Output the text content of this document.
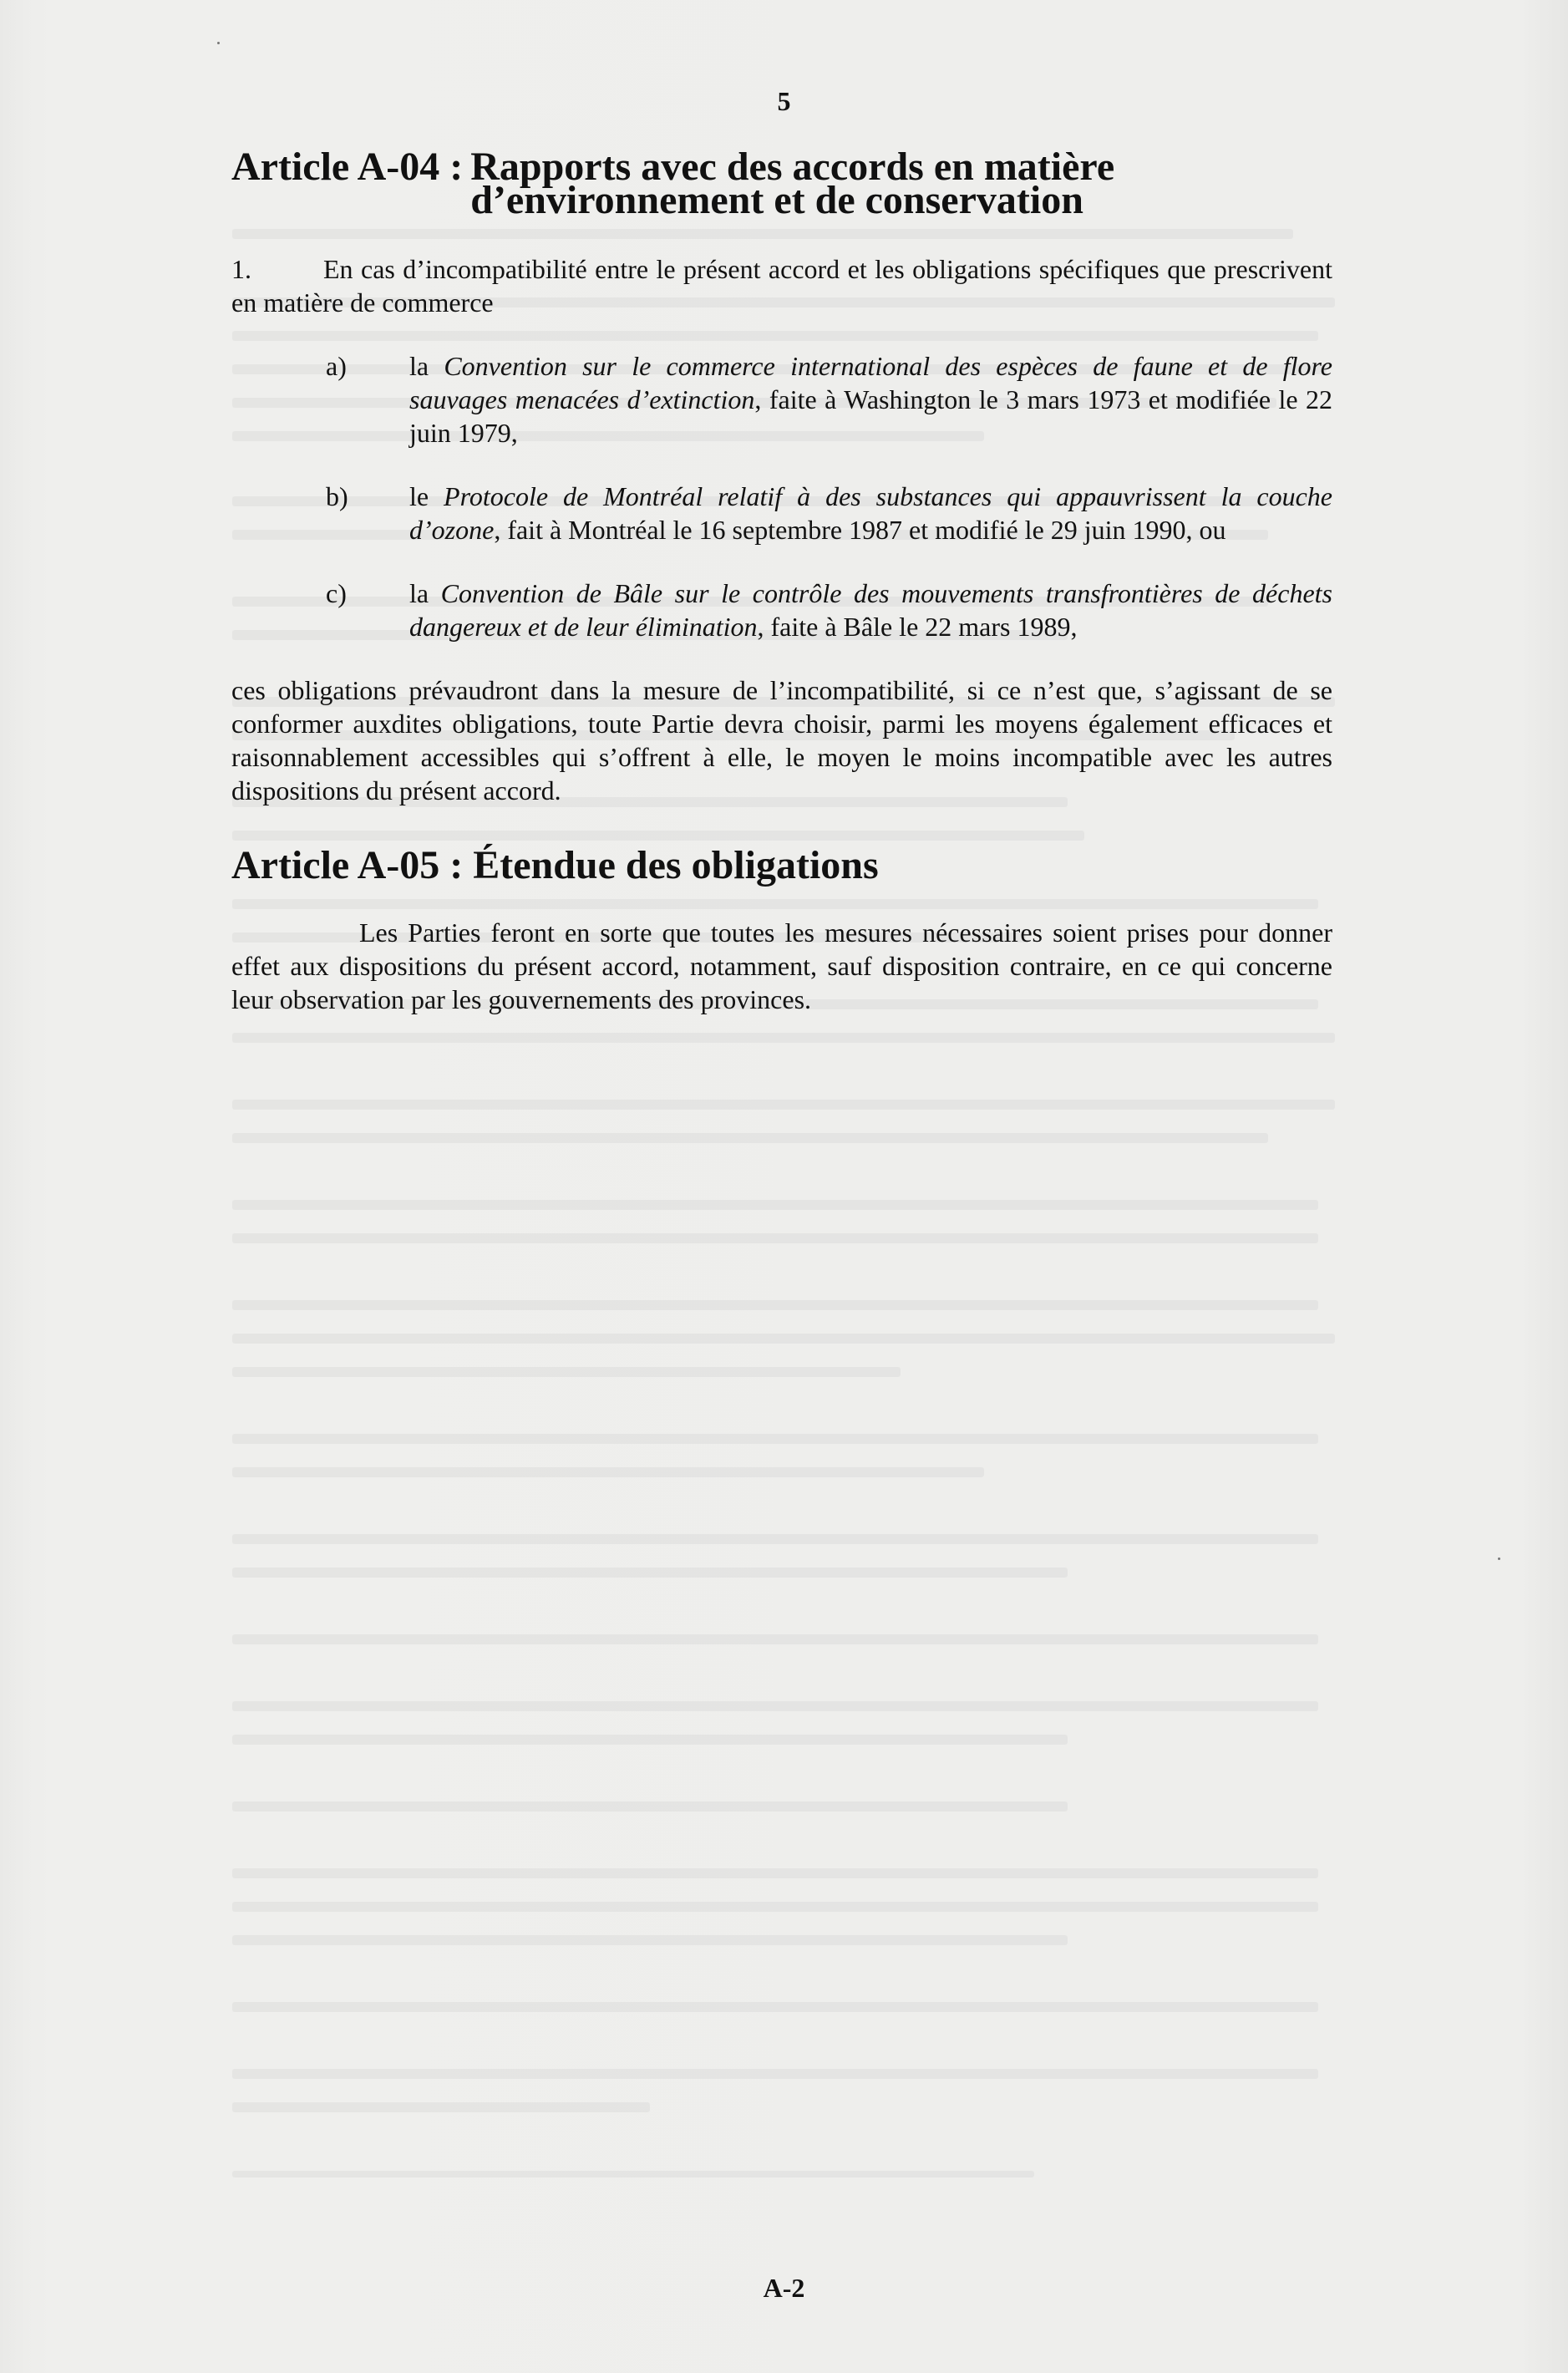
5
Article A-04 : Rapports avec des accords en matière d’environnement et de conservation

1.	En cas d’incompatibilité entre le présent accord et les obligations spécifiques que prescrivent en matière de commerce

a)	la Convention sur le commerce international des espèces de faune et de flore sauvages menacées d’extinction, faite à Washington le 3 mars 1973 et modifiée le 22 juin 1979,
b)	le Protocole de Montréal relatif à des substances qui appauvrissent la couche d’ozone, fait à Montréal le 16 septembre 1987 et modifié le 29 juin 1990, ou
c)	la Convention de Bâle sur le contrôle des mouvements transfrontières de déchets dangereux et de leur élimination, faite à Bâle le 22 mars 1989,

ces obligations prévaudront dans la mesure de l’incompatibilité, si ce n’est que, s’agissant de se conformer auxdites obligations, toute Partie devra choisir, parmi les moyens également efficaces et raisonnablement accessibles qui s’offrent à elle, le moyen le moins incompatible avec les autres dispositions du présent accord.

Article A-05 : Étendue des obligations

Les Parties feront en sorte que toutes les mesures nécessaires soient prises pour donner effet aux dispositions du présent accord, notamment, sauf disposition contraire, en ce qui concerne leur observation par les gouvernements des provinces.

A-2
